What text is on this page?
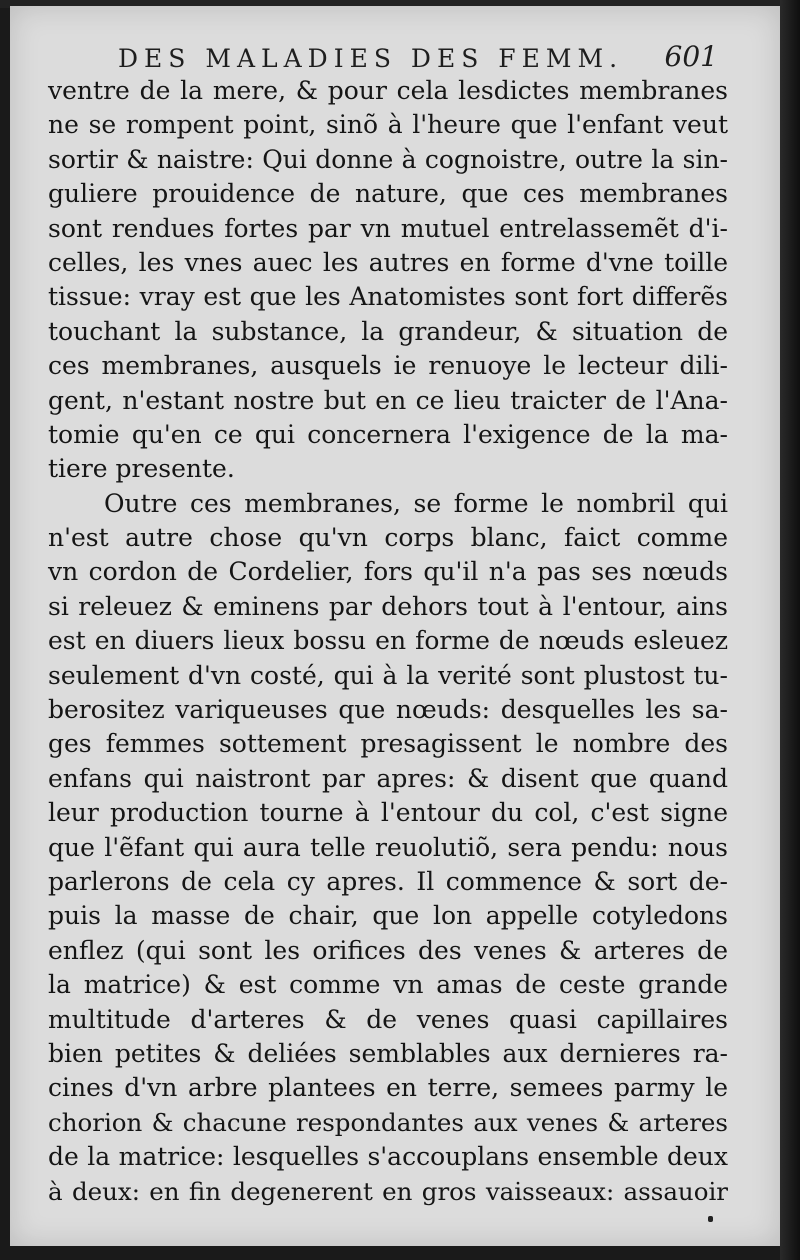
DES MALADIES DES FEMM. 601
ventre de la mere, & pour cela lesdictes membranes
ne se rompent point, sinõ à l'heure que l'enfant veut
sortir & naistre: Qui donne à cognoistre, outre la sin-
guliere prouidence de nature, que ces membranes
sont rendues fortes par vn mutuel entrelassemẽt d'i-
celles, les vnes auec les autres en forme d'vne toille
tissue: vray est que les Anatomistes sont fort differẽs
touchant la substance, la grandeur, & situation de
ces membranes, ausquels ie renuoye le lecteur dili-
gent, n'estant nostre but en ce lieu traicter de l'Ana-
tomie qu'en ce qui concernera l'exigence de la ma-
tiere presente.
Outre ces membranes, se forme le nombril qui
n'est autre chose qu'vn corps blanc, faict comme
vn cordon de Cordelier, fors qu'il n'a pas ses nœuds
si releuez & eminens par dehors tout à l'entour, ains
est en diuers lieux bossu en forme de nœuds esleuez
seulement d'vn costé, qui à la verité sont plustost tu-
berositez variqueuses que nœuds: desquelles les sa-
ges femmes sottement presagissent le nombre des
enfans qui naistront par apres: & disent que quand
leur production tourne à l'entour du col, c'est signe
que l'ẽfant qui aura telle reuolutiõ, sera pendu: nous
parlerons de cela cy apres. Il commence & sort de-
puis la masse de chair, que lon appelle cotyledons
enflez (qui sont les orifices des venes & arteres de
la matrice) & est comme vn amas de ceste grande
multitude d'arteres & de venes quasi capillaires
bien petites & deliées semblables aux dernieres ra-
cines d'vn arbre plantees en terre, semees parmy le
chorion & chacune respondantes aux venes & arteres
de la matrice: lesquelles s'accouplans ensemble deux
à deux: en fin degenerent en gros vaisseaux: assauoir
